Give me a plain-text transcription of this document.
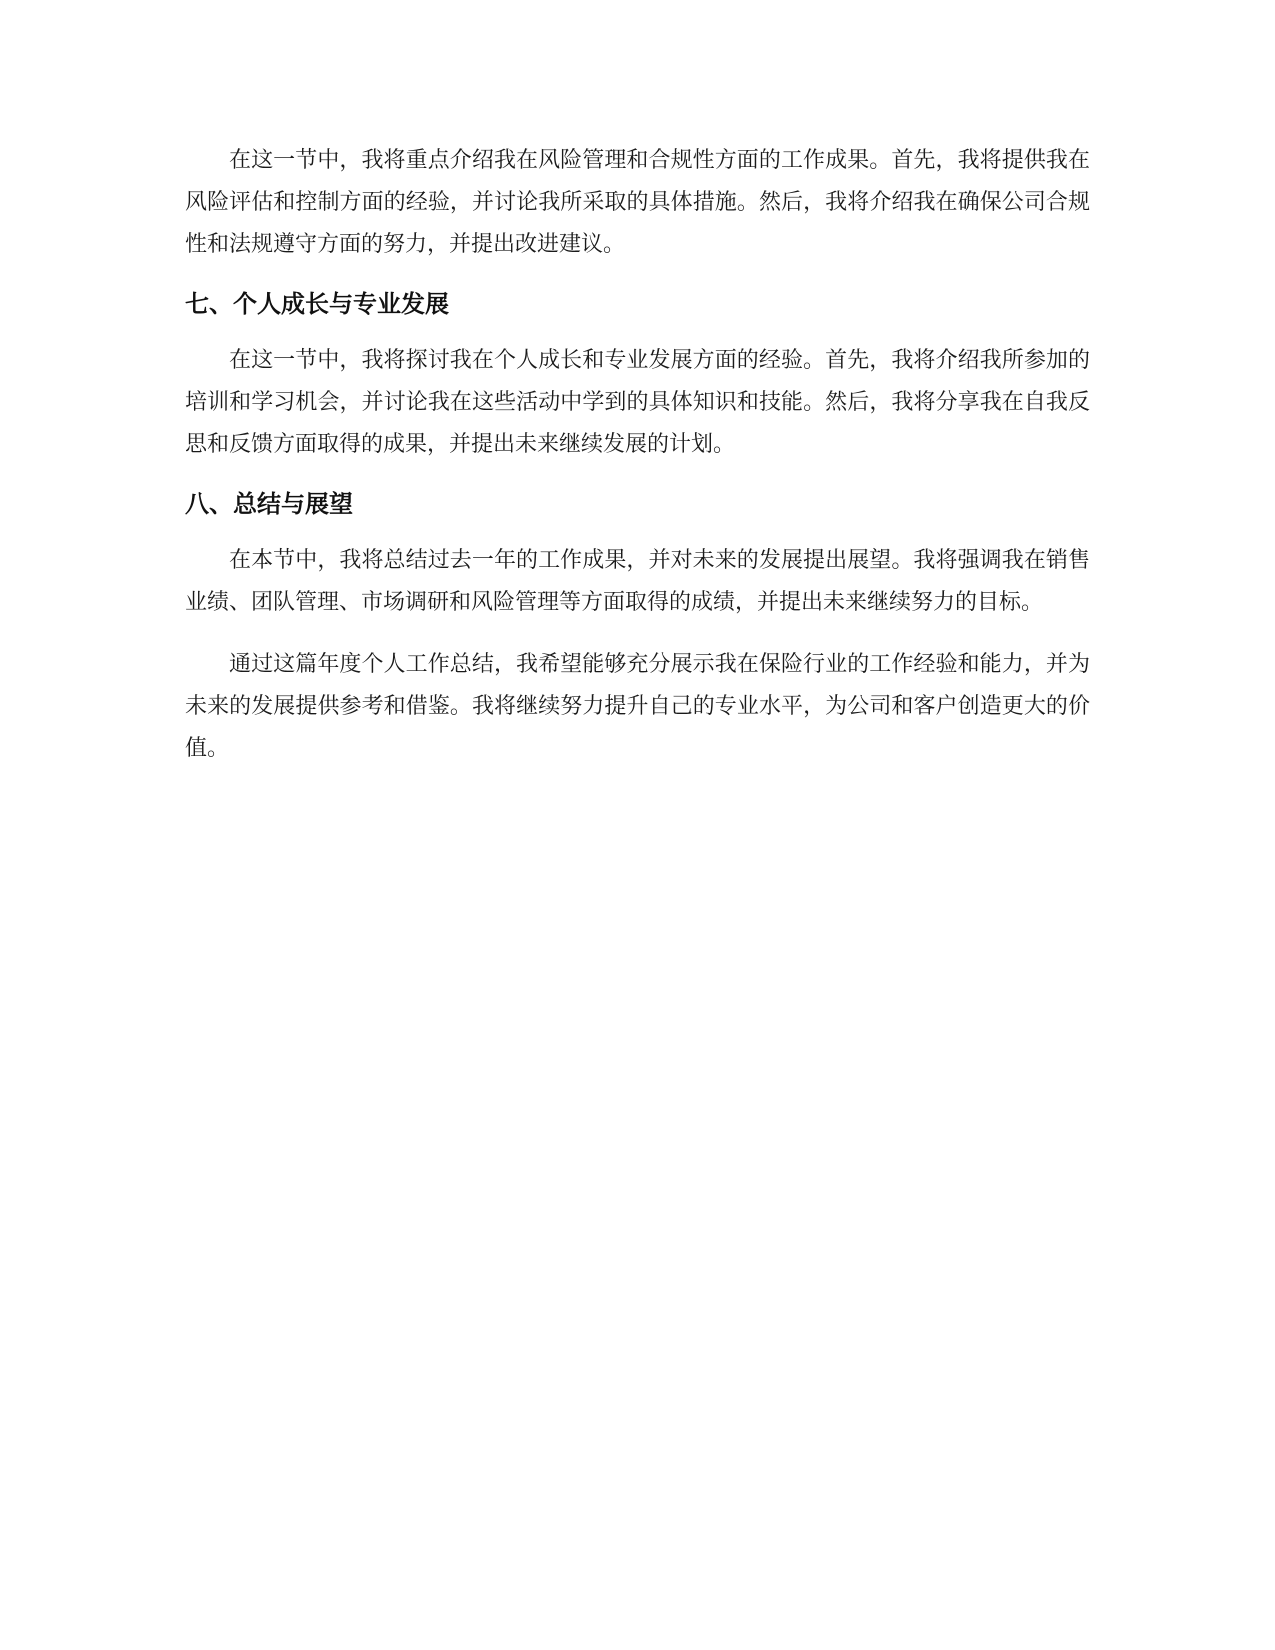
在这一节中，我将重点介绍我在风险管理和合规性方面的工作成果。首先，我将提供我在风险评估和控制方面的经验，并讨论我所采取的具体措施。然后，我将介绍我在确保公司合规性和法规遵守方面的努力，并提出改进建议。

七、个人成长与专业发展

在这一节中，我将探讨我在个人成长和专业发展方面的经验。首先，我将介绍我所参加的培训和学习机会，并讨论我在这些活动中学到的具体知识和技能。然后，我将分享我在自我反思和反馈方面取得的成果，并提出未来继续发展的计划。

八、总结与展望

在本节中，我将总结过去一年的工作成果，并对未来的发展提出展望。我将强调我在销售业绩、团队管理、市场调研和风险管理等方面取得的成绩，并提出未来继续努力的目标。

通过这篇年度个人工作总结，我希望能够充分展示我在保险行业的工作经验和能力，并为未来的发展提供参考和借鉴。我将继续努力提升自己的专业水平，为公司和客户创造更大的价值。
